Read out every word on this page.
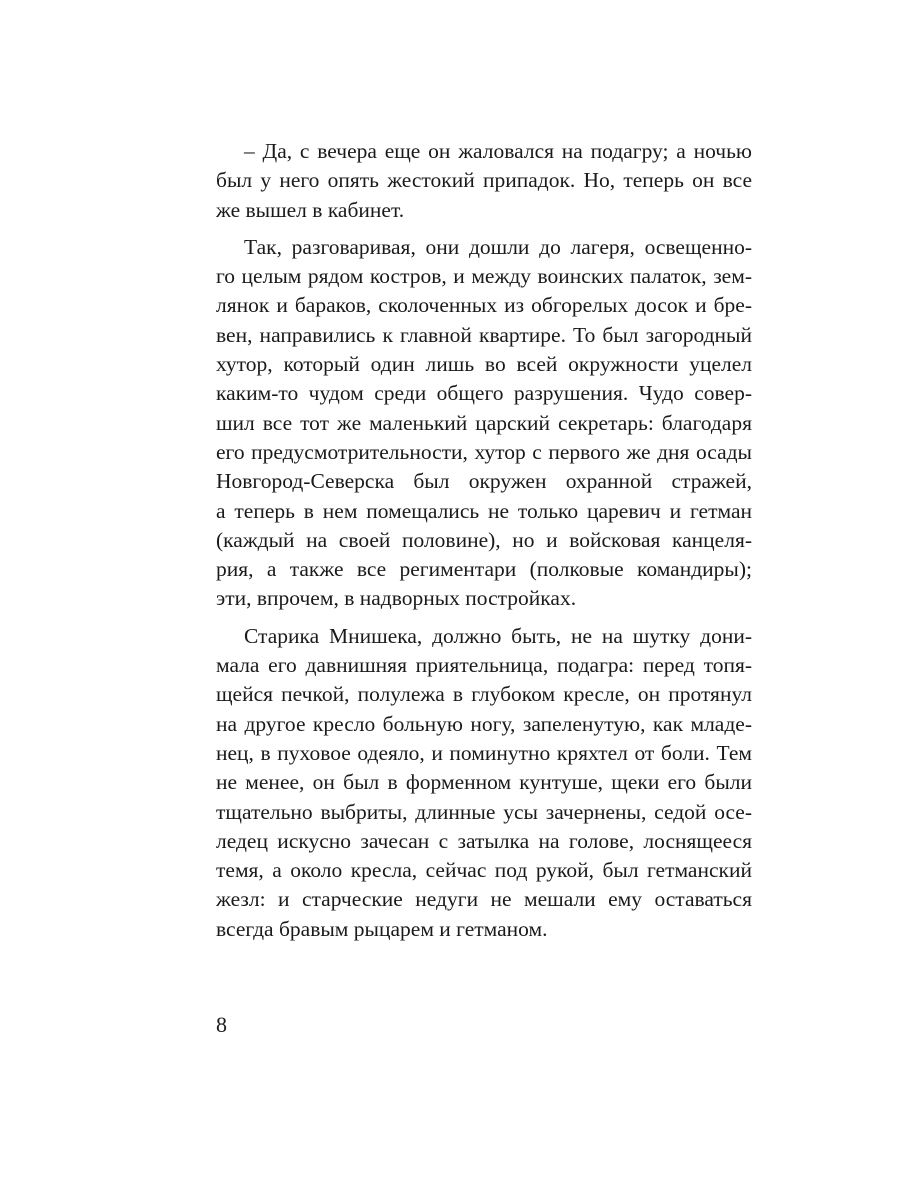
– Да, с вечера еще он жаловался на подагру; а ночью
был у него опять жестокий припадок. Но, теперь он все
же вышел в кабинет.
Так, разговаривая, они дошли до лагеря, освещенно-
го целым рядом костров, и между воинских палаток, зем-
лянок и бараков, сколоченных из обгорелых досок и бре-
вен, направились к главной квартире. То был загородный
хутор, который один лишь во всей окружности уцелел
каким-то чудом среди общего разрушения. Чудо совер-
шил все тот же маленький царский секретарь: благодаря
его предусмотрительности, хутор с первого же дня осады
Новгород-Северска был окружен охранной стражей,
а теперь в нем помещались не только царевич и гетман
(каждый на своей половине), но и войсковая канцеля-
рия, а также все региментари (полковые командиры);
эти, впрочем, в надворных постройках.
Старика Мнишека, должно быть, не на шутку дони-
мала его давнишняя приятельница, подагра: перед топя-
щейся печкой, полулежа в глубоком кресле, он протянул
на другое кресло больную ногу, запеленутую, как младе-
нец, в пуховое одеяло, и поминутно кряхтел от боли. Тем
не менее, он был в форменном кунтуше, щеки его были
тщательно выбриты, длинные усы зачернены, седой осе-
ледец искусно зачесан с затылка на голове, лоснящееся
темя, а около кресла, сейчас под рукой, был гетманский
жезл: и старческие недуги не мешали ему оставаться
всегда бравым рыцарем и гетманом.
8
